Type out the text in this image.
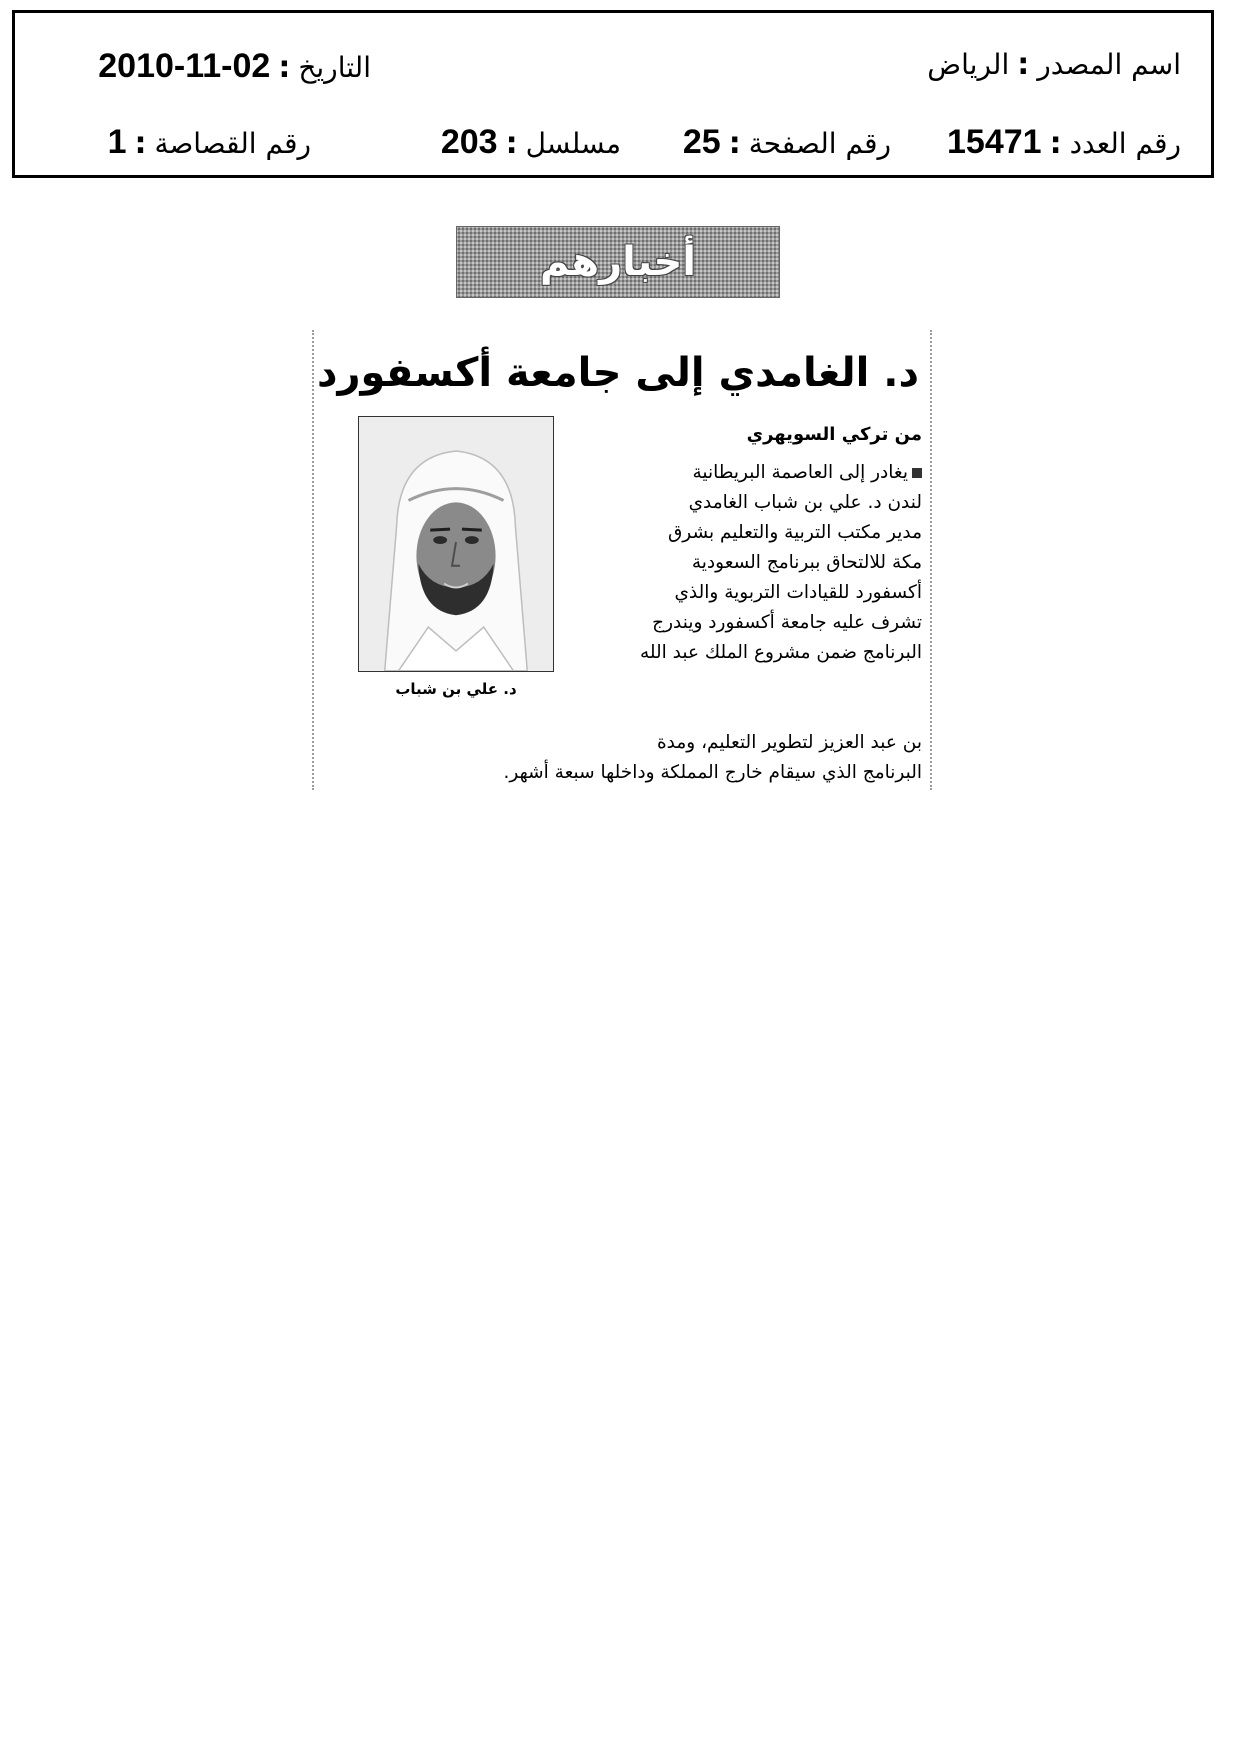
اسم المصدر:الرياض
التاريخ:2010-11-02
رقم العدد:15471
رقم الصفحة:25
مسلسل:203
رقم القصاصة:1
أخبارهم
د. الغامدي إلى جامعة أكسفورد
د. علي بن شباب
من تركي السويهري
يغادر إلى العاصمة البريطانية
لندن د. علي بن شباب الغامدي
مدير مكتب التربية والتعليم بشرق
مكة للالتحاق ببرنامج السعودية
أكسفورد للقيادات التربوية والذي
تشرف عليه جامعة أكسفورد ويندرج
البرنامج ضمن مشروع الملك عبد الله
بن عبد العزيز لتطوير التعليم، ومدة
البرنامج الذي سيقام خارج المملكة وداخلها سبعة أشهر.
